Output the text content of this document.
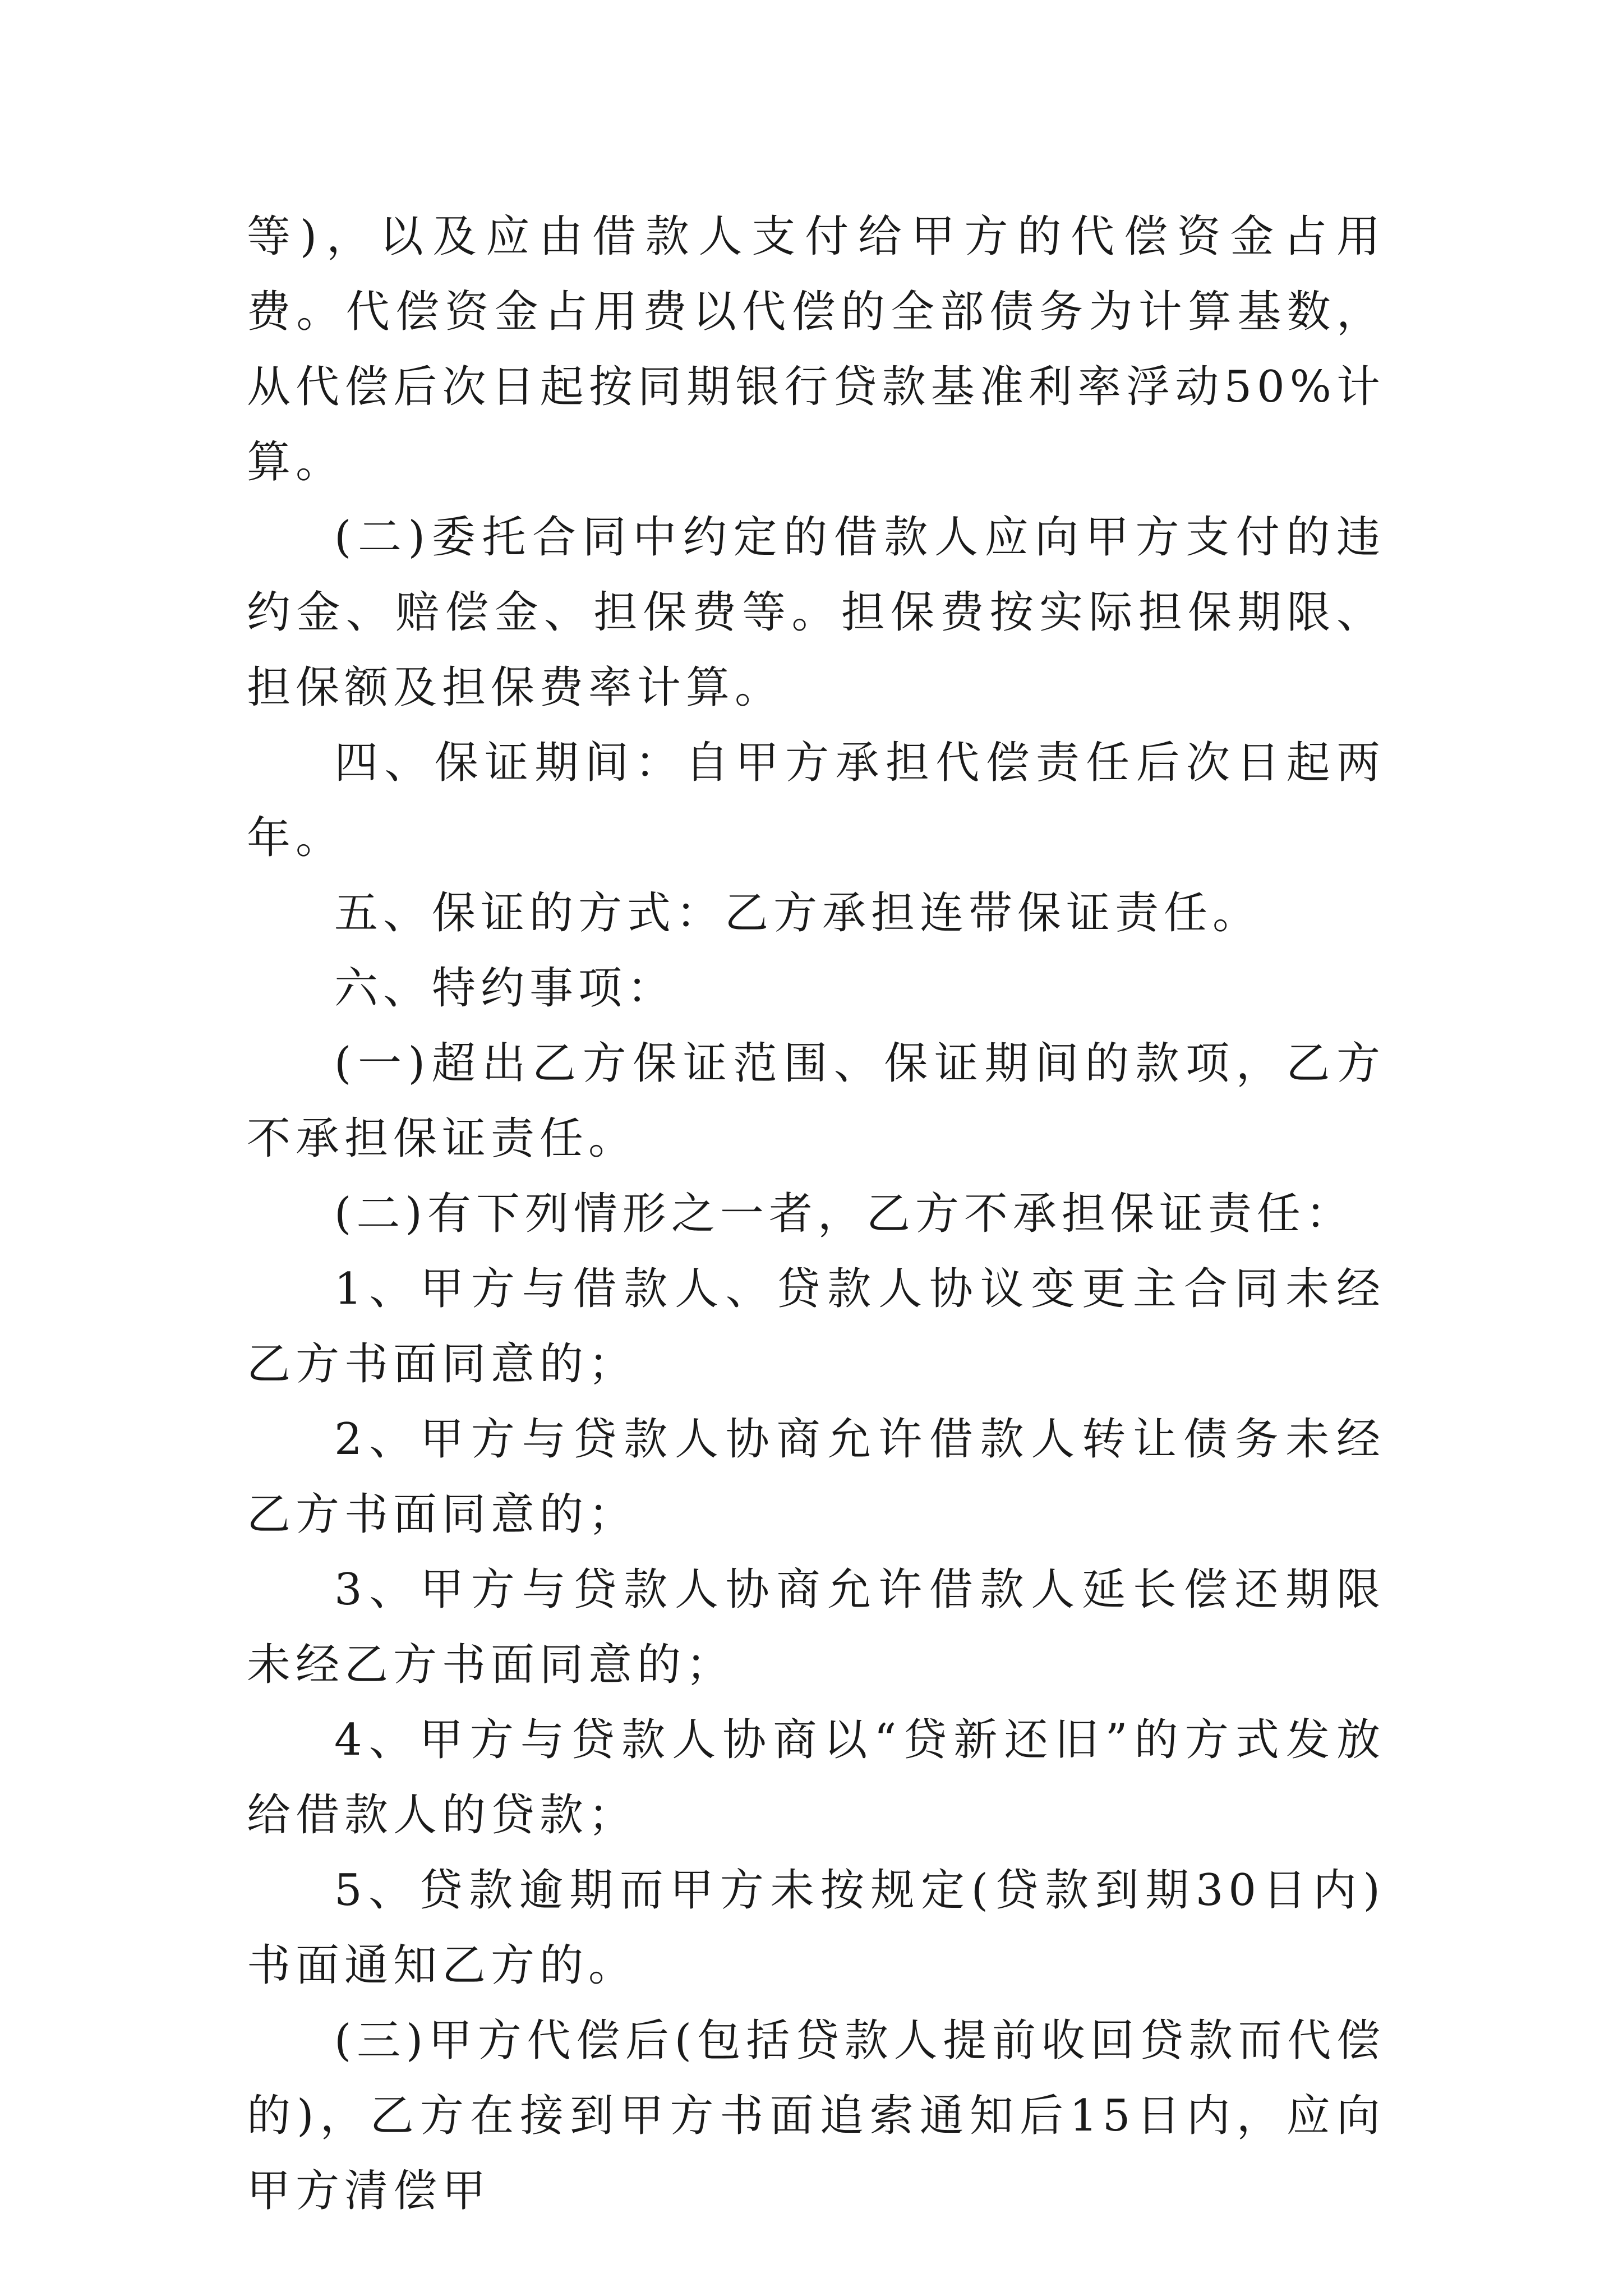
等)，以及应由借款人支付给甲方的代偿资金占用费。代偿资金占用费以代偿的全部债务为计算基数，从代偿后次日起按同期银行贷款基准利率浮动50%计算。

(二)委托合同中约定的借款人应向甲方支付的违约金、赔偿金、担保费等。担保费按实际担保期限、担保额及担保费率计算。

四、保证期间：自甲方承担代偿责任后次日起两年。

五、保证的方式：乙方承担连带保证责任。

六、特约事项：

(一)超出乙方保证范围、保证期间的款项，乙方不承担保证责任。

(二)有下列情形之一者，乙方不承担保证责任：

1、甲方与借款人、贷款人协议变更主合同未经乙方书面同意的；

2、甲方与贷款人协商允许借款人转让债务未经乙方书面同意的；

3、甲方与贷款人协商允许借款人延长偿还期限未经乙方书面同意的；

4、甲方与贷款人协商以“贷新还旧”的方式发放给借款人的贷款；

5、贷款逾期而甲方未按规定(贷款到期30日内)书面通知乙方的。

(三)甲方代偿后(包括贷款人提前收回贷款而代偿的)，乙方在接到甲方书面追索通知后15日内，应向甲方清偿甲
